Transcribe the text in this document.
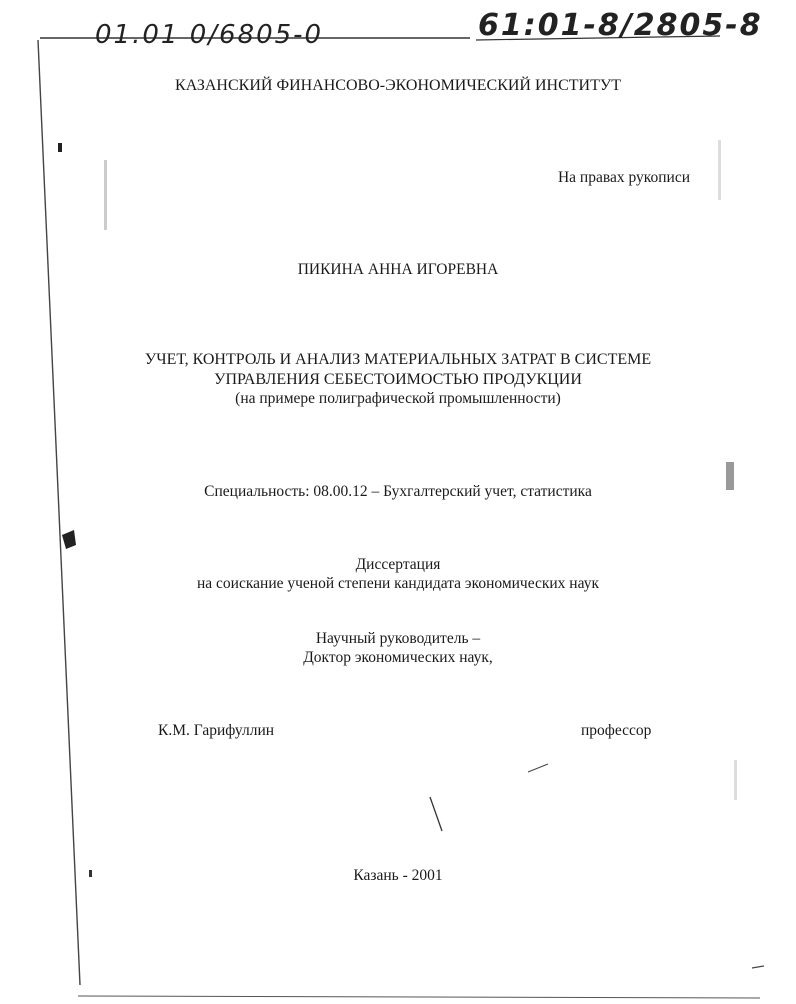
01.01 0/6805-0	61:01-8/2805-8
КАЗАНСКИЙ ФИНАНСОВО-ЭКОНОМИЧЕСКИЙ ИНСТИТУТ
На правах рукописи
ПИКИНА АННА ИГОРЕВНА
УЧЕТ, КОНТРОЛЬ И АНАЛИЗ МАТЕРИАЛЬНЫХ ЗАТРАТ В СИСТЕМЕ
УПРАВЛЕНИЯ СЕБЕСТОИМОСТЬЮ ПРОДУКЦИИ
(на примере полиграфической промышленности)
Специальность: 08.00.12 – Бухгалтерский учет, статистика
Диссертация
на соискание ученой степени кандидата экономических наук
Научный руководитель –
Доктор экономических наук,
К.М. Гарифуллин	профессор
Казань - 2001
